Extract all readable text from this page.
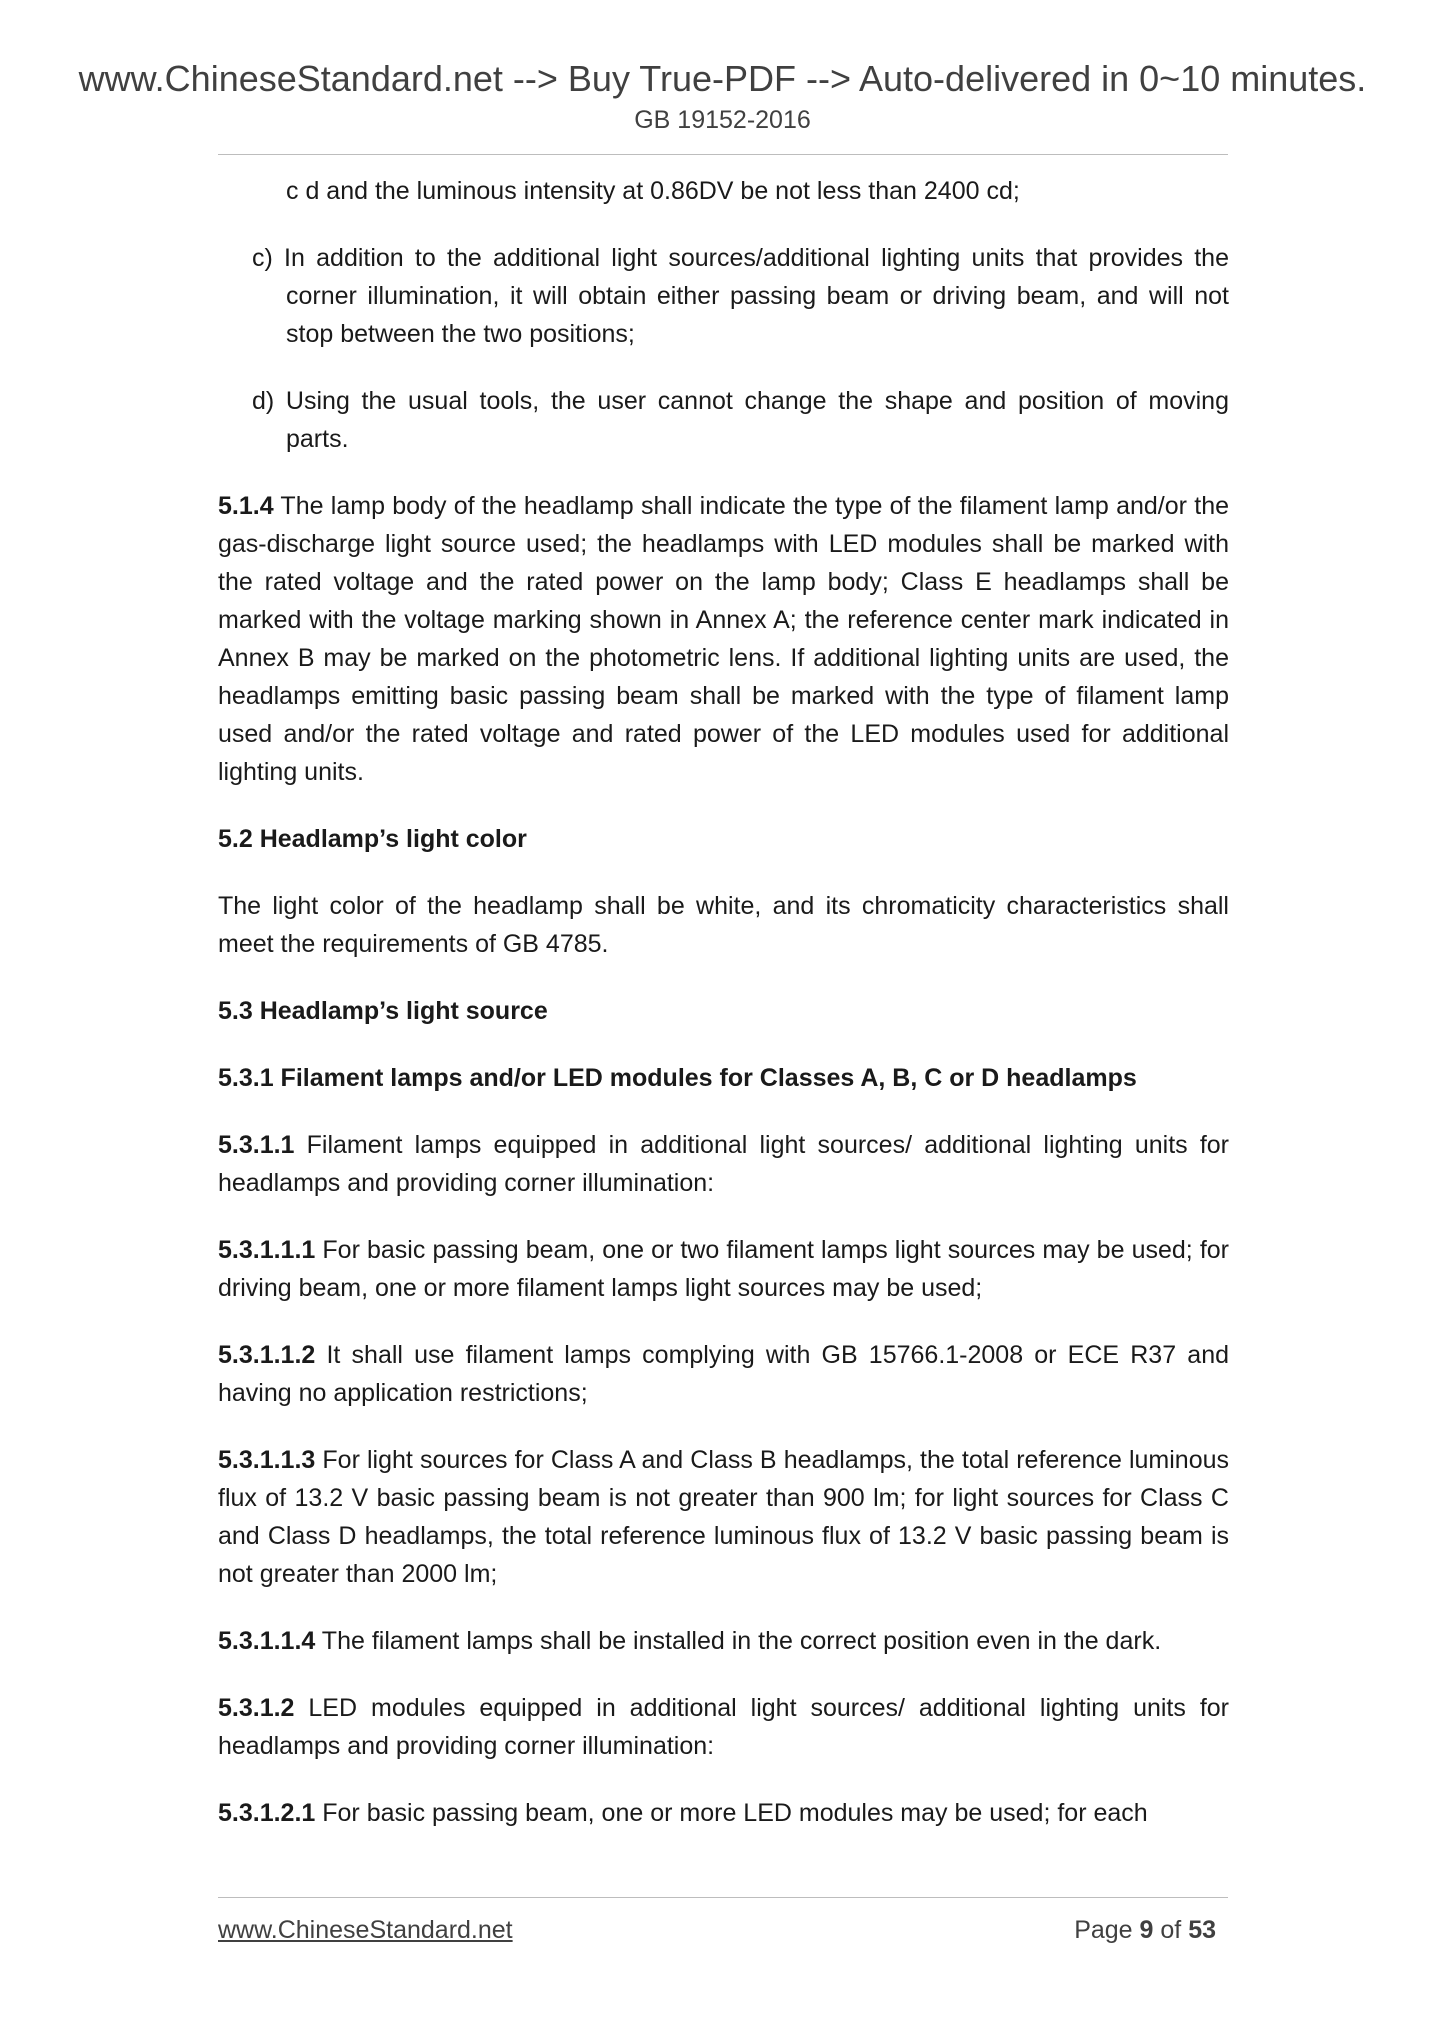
www.ChineseStandard.net --> Buy True-PDF --> Auto-delivered in 0~10 minutes.
GB 19152-2016

c d and the luminous intensity at 0.86DV be not less than 2400 cd;

c) In addition to the additional light sources/additional lighting units that provides the corner illumination, it will obtain either passing beam or driving beam, and will not stop between the two positions;

d) Using the usual tools, the user cannot change the shape and position of moving parts.

5.1.4 The lamp body of the headlamp shall indicate the type of the filament lamp and/or the gas-discharge light source used; the headlamps with LED modules shall be marked with the rated voltage and the rated power on the lamp body; Class E headlamps shall be marked with the voltage marking shown in Annex A; the reference center mark indicated in Annex B may be marked on the photometric lens. If additional lighting units are used, the headlamps emitting basic passing beam shall be marked with the type of filament lamp used and/or the rated voltage and rated power of the LED modules used for additional lighting units.

5.2 Headlamp’s light color

The light color of the headlamp shall be white, and its chromaticity characteristics shall meet the requirements of GB 4785.

5.3 Headlamp’s light source

5.3.1 Filament lamps and/or LED modules for Classes A, B, C or D headlamps

5.3.1.1 Filament lamps equipped in additional light sources/ additional lighting units for headlamps and providing corner illumination:

5.3.1.1.1 For basic passing beam, one or two filament lamps light sources may be used; for driving beam, one or more filament lamps light sources may be used;

5.3.1.1.2 It shall use filament lamps complying with GB 15766.1-2008 or ECE R37 and having no application restrictions;

5.3.1.1.3 For light sources for Class A and Class B headlamps, the total reference luminous flux of 13.2 V basic passing beam is not greater than 900 lm; for light sources for Class C and Class D headlamps, the total reference luminous flux of 13.2 V basic passing beam is not greater than 2000 lm;

5.3.1.1.4 The filament lamps shall be installed in the correct position even in the dark.

5.3.1.2 LED modules equipped in additional light sources/ additional lighting units for headlamps and providing corner illumination:

5.3.1.2.1 For basic passing beam, one or more LED modules may be used; for each

www.ChineseStandard.net	Page 9 of 53
